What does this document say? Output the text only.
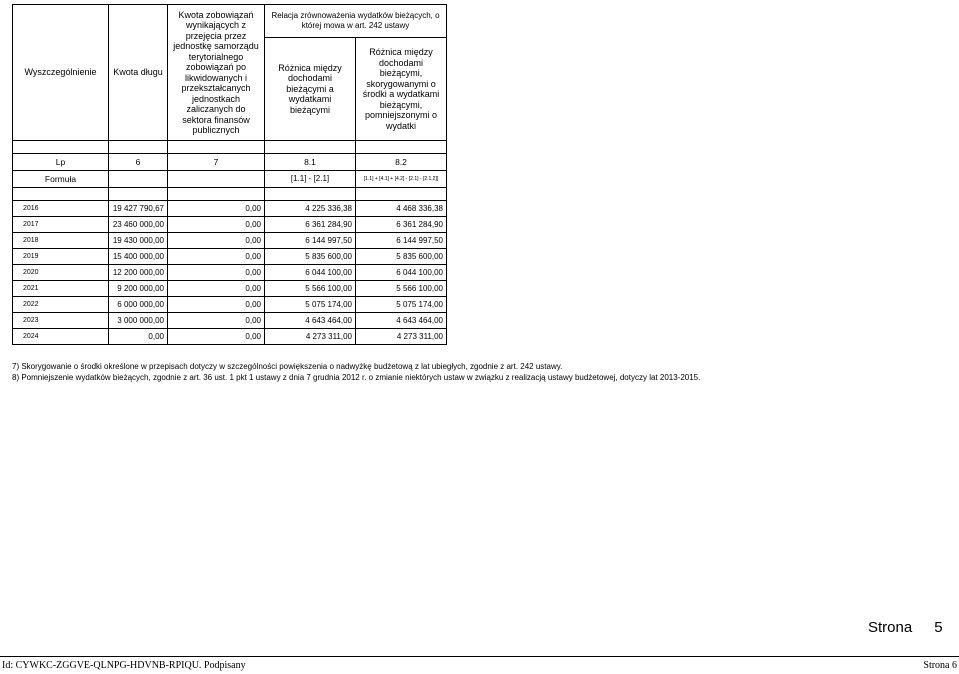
Wyszczególnienie	Kwota długu	Kwota zobowiązań wynikających z przejęcia przez jednostkę samorządu terytorialnego zobowiązań po likwidowanych i przekształcanych jednostkach zaliczanych do sektora finansów publicznych	Relacja zrównoważenia wydatków bieżących, o której mowa w art. 242 ustawy	
			Różnica między dochodami bieżącymi a wydatkami bieżącymi	Różnica między dochodami bieżącymi, skorygowanymi o środki a wydatkami bieżącymi, pomniejszonymi o wydatki

Lp	6	7	8.1	8.2
Formuła			[1.1] - [2.1]	[1.1] + [4.1] + [4.2] - [2.1] - [2.1.2]]

2016	19 427 790,67	0,00	4 225 336,38	4 468 336,38
2017	23 460 000,00	0,00	6 361 284,90	6 361 284,90
2018	19 430 000,00	0,00	6 144 997,50	6 144 997,50
2019	15 400 000,00	0,00	5 835 600,00	5 835 600,00
2020	12 200 000,00	0,00	6 044 100,00	6 044 100,00
2021	9 200 000,00	0,00	5 566 100,00	5 566 100,00
2022	6 000 000,00	0,00	5 075 174,00	5 075 174,00
2023	3 000 000,00	0,00	4 643 464,00	4 643 464,00
2024	0,00	0,00	4 273 311,00	4 273 311,00
7) Skorygowanie o środki określone w przepisach dotyczy w szczególności powiększenia o nadwyżkę budżetową z lat ubiegłych, zgodnie z art. 242 ustawy.
8) Pomniejszenie wydatków bieżących, zgodnie z art. 36 ust. 1 pkt 1 ustawy z dnia 7 grudnia 2012 r. o zmianie niektórych ustaw w związku z realizacją ustawy budżetowej, dotyczy lat 2013-2015.
Strona 5
Id: CYWKC-ZGGVE-QLNPG-HDVNB-RPIQU. Podpisany	Strona 6
